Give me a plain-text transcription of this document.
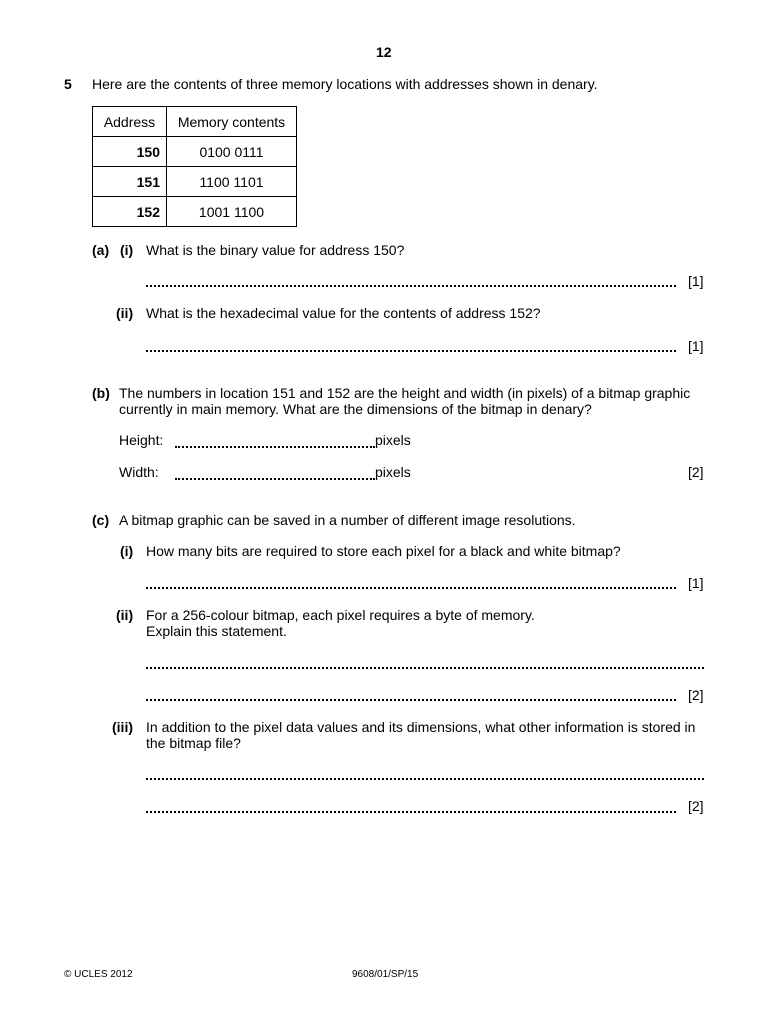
12
5 Here are the contents of three memory locations with addresses shown in denary.
Address	Memory contents
150	0100 0111
151	1100 1101
152	1001 1100
(a) (i) What is the binary value for address 150?
[1]
(ii) What is the hexadecimal value for the contents of address 152?
[1]
(b) The numbers in location 151 and 152 are the height and width (in pixels) of a bitmap graphic
currently in main memory. What are the dimensions of the bitmap in denary?
Height:	pixels
Width:	pixels	[2]
(c) A bitmap graphic can be saved in a number of different image resolutions.
(i) How many bits are required to store each pixel for a black and white bitmap?
[1]
(ii) For a 256-colour bitmap, each pixel requires a byte of memory.
Explain this statement.
[2]
(iii) In addition to the pixel data values and its dimensions, what other information is stored in
the bitmap file?
[2]
© UCLES 2012	9608/01/SP/15
